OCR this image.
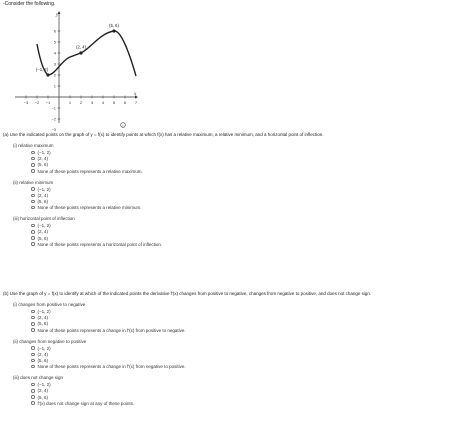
-Consider the following.
y
x
6
5
4
3
2
1
−1
−2
−3
−3 −2 −1	1 2 3 4 5 6 7
(−1, 2)
(2, 4)
(5, 6)
i
(a) Use the indicated points on the graph of y = f(x) to identify points at which f(x) has a relative maximum, a relative minimum, and a horizontal point of inflection.
(i) relative maximum
(−1, 2)
(2, 4)
(5, 6)
None of these points represents a relative maximum.
(ii) relative minimum
(−1, 2)
(2, 4)
(5, 6)
None of these points represents a relative minimum.
(iii) horizontal point of inflection
(−1, 2)
(2, 4)
(5, 6)
None of these points represents a horizontal point of inflection.
(b) Use the graph of y = f(x) to identify at which of the indicated points the derivative f′(x) changes from positive to negative, changes from negative to positive, and does not change sign.
(i) changes from positive to negative
(−1, 2)
(2, 4)
(5, 6)
None of these points represents a change in f′(x) from positive to negative.
(ii) changes from negative to positive
(−1, 2)
(2, 4)
(5, 6)
None of these points represents a change in f′(x) from negative to positive.
(iii) does not change sign
(−1, 2)
(2, 4)
(5, 6)
f′(x) does not change sign at any of these points.
